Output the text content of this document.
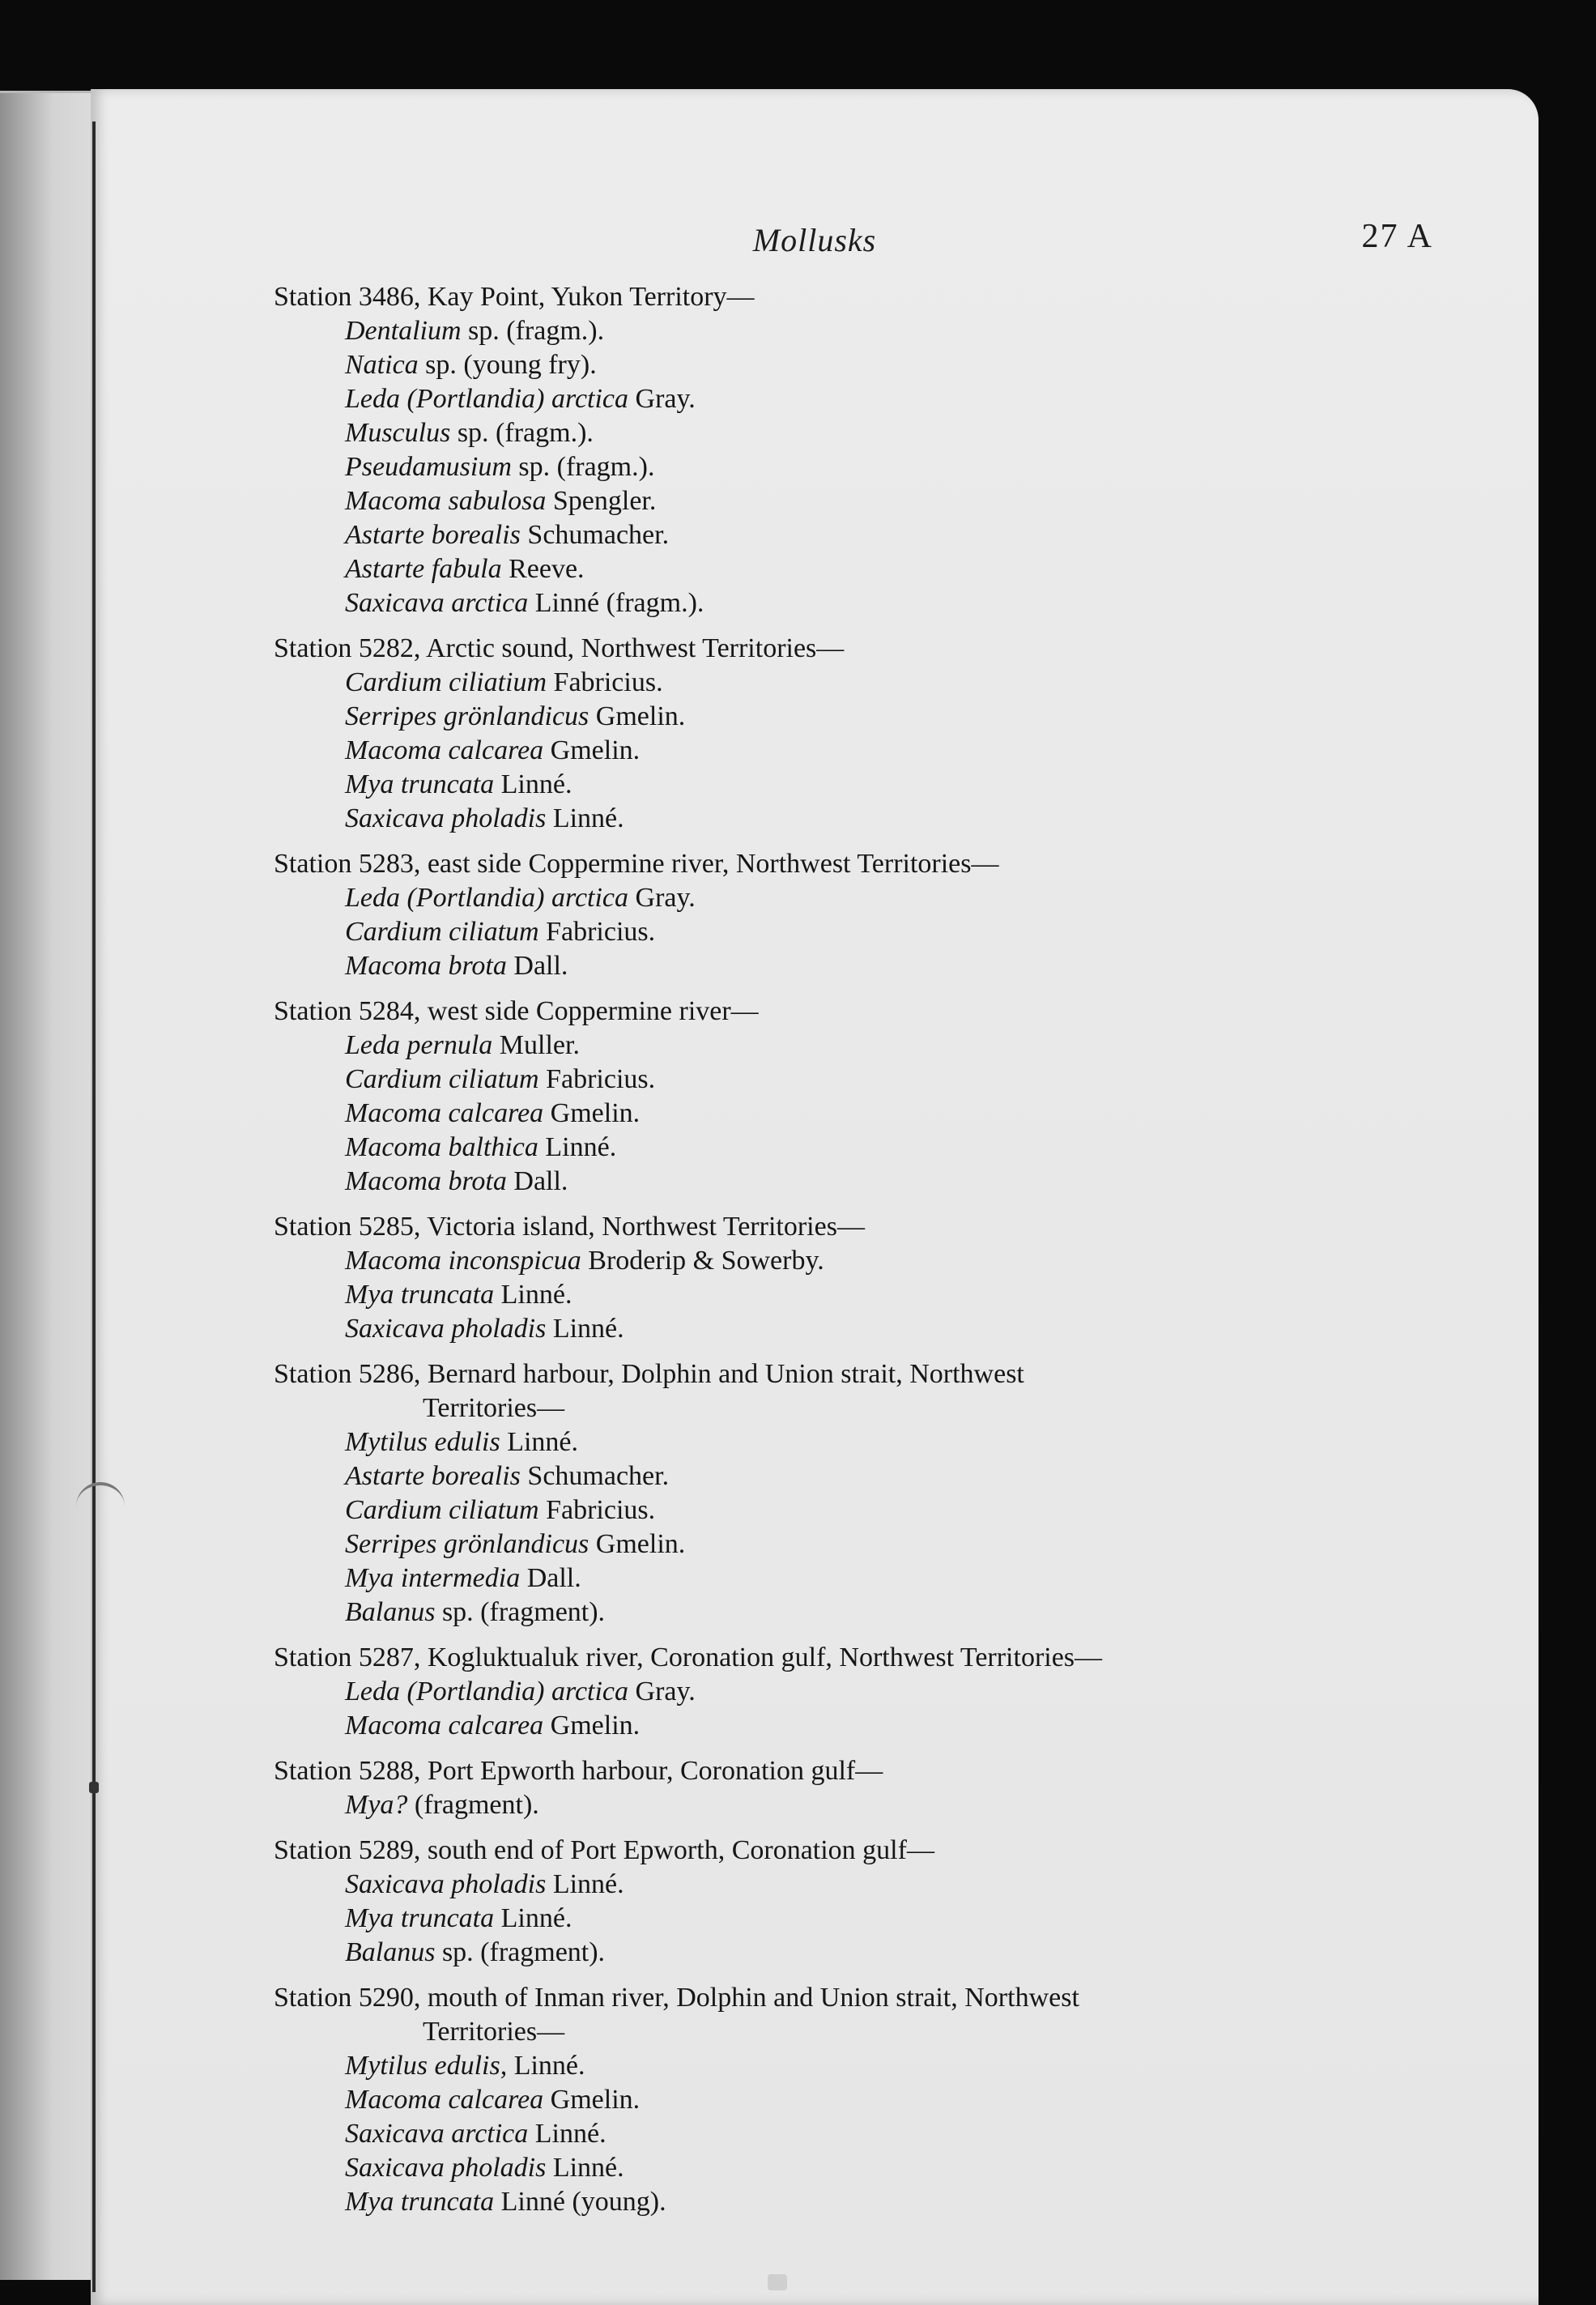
Mollusks	27 A
Station 3486, Kay Point, Yukon Territory—
Dentalium sp. (fragm.).
Natica sp. (young fry).
Leda (Portlandia) arctica Gray.
Musculus sp. (fragm.).
Pseudamusium sp. (fragm.).
Macoma sabulosa Spengler.
Astarte borealis Schumacher.
Astarte fabula Reeve.
Saxicava arctica Linné (fragm.).
Station 5282, Arctic sound, Northwest Territories—
Cardium ciliatium Fabricius.
Serripes grönlandicus Gmelin.
Macoma calcarea Gmelin.
Mya truncata Linné.
Saxicava pholadis Linné.
Station 5283, east side Coppermine river, Northwest Territories—
Leda (Portlandia) arctica Gray.
Cardium ciliatum Fabricius.
Macoma brota Dall.
Station 5284, west side Coppermine river—
Leda pernula Muller.
Cardium ciliatum Fabricius.
Macoma calcarea Gmelin.
Macoma balthica Linné.
Macoma brota Dall.
Station 5285, Victoria island, Northwest Territories—
Macoma inconspicua Broderip & Sowerby.
Mya truncata Linné.
Saxicava pholadis Linné.
Station 5286, Bernard harbour, Dolphin and Union strait, Northwest
Territories—
Mytilus edulis Linné.
Astarte borealis Schumacher.
Cardium ciliatum Fabricius.
Serripes grönlandicus Gmelin.
Mya intermedia Dall.
Balanus sp. (fragment).
Station 5287, Kogluktualuk river, Coronation gulf, Northwest Territories—
Leda (Portlandia) arctica Gray.
Macoma calcarea Gmelin.
Station 5288, Port Epworth harbour, Coronation gulf—
Mya? (fragment).
Station 5289, south end of Port Epworth, Coronation gulf—
Saxicava pholadis Linné.
Mya truncata Linné.
Balanus sp. (fragment).
Station 5290, mouth of Inman river, Dolphin and Union strait, Northwest
Territories—
Mytilus edulis, Linné.
Macoma calcarea Gmelin.
Saxicava arctica Linné.
Saxicava pholadis Linné.
Mya truncata Linné (young).
